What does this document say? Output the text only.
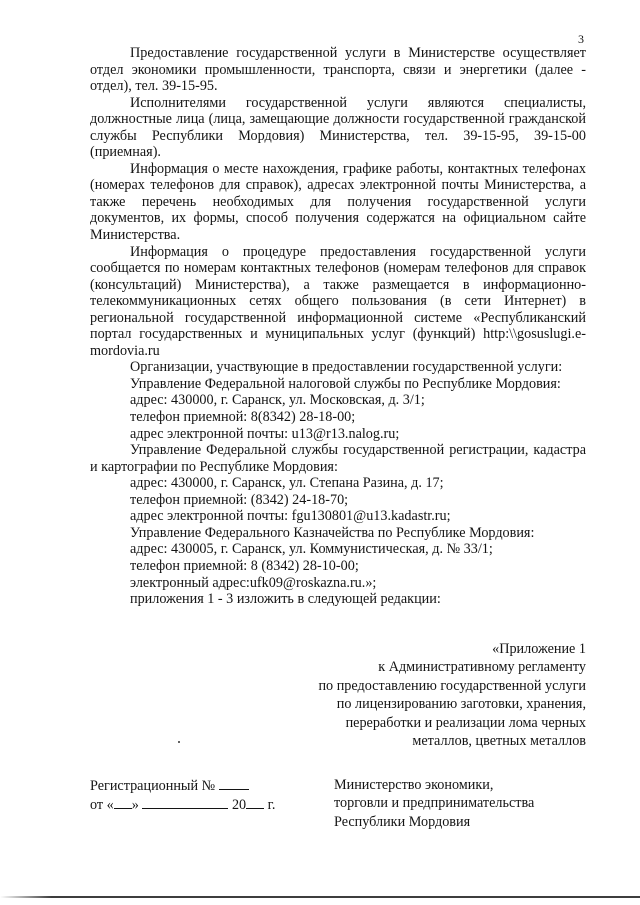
3

Предоставление государственной услуги в Министерстве осуществляет отдел экономики промышленности, транспорта, связи и энергетики (далее - отдел), тел. 39-15-95.

Исполнителями государственной услуги являются специалисты, должностные лица (лица, замещающие должности государственной гражданской службы Республики Мордовия) Министерства, тел. 39-15-95, 39-15-00 (приемная).

Информация о месте нахождения, графике работы, контактных телефонах (номерах телефонов для справок), адресах электронной почты Министерства, а также перечень необходимых для получения государственной услуги документов, их формы, способ получения содержатся на официальном сайте Министерства.

Информация о процедуре предоставления государственной услуги сообщается по номерам контактных телефонов (номерам телефонов для справок (консультаций) Министерства), а также размещается в информационно-телекоммуникационных сетях общего пользования (в сети Интернет) в региональной государственной информационной системе «Республиканский портал государственных и муниципальных услуг (функций) http:\\gosuslugi.e-mordovia.ru

Организации, участвующие в предоставлении государственной услуги:

Управление Федеральной налоговой службы по Республике Мордовия:

адрес: 430000, г. Саранск, ул. Московская, д. 3/1;

телефон приемной: 8(8342) 28-18-00;

адрес электронной почты: u13@r13.nalog.ru;

Управление Федеральной службы государственной регистрации, кадастра и картографии по Республике Мордовия:

адрес: 430000, г. Саранск, ул. Степана Разина, д. 17;

телефон приемной: (8342) 24-18-70;

адрес электронной почты: fgu130801@u13.kadastr.ru;

Управление Федерального Казначейства по Республике Мордовия:

адрес: 430005, г. Саранск, ул. Коммунистическая, д. № 33/1;

телефон приемной: 8 (8342) 28-10-00;

электронный адрес:ufk09@roskazna.ru.»;

приложения 1 - 3 изложить в следующей редакции:

«Приложение 1
к Административному регламенту
по предоставлению государственной услуги
по лицензированию заготовки, хранения,
переработки и реализации лома черных
металлов, цветных металлов
Регистрационный №
от « »	20 г.
Министерство экономики,
торговли и предпринимательства
Республики Мордовия
